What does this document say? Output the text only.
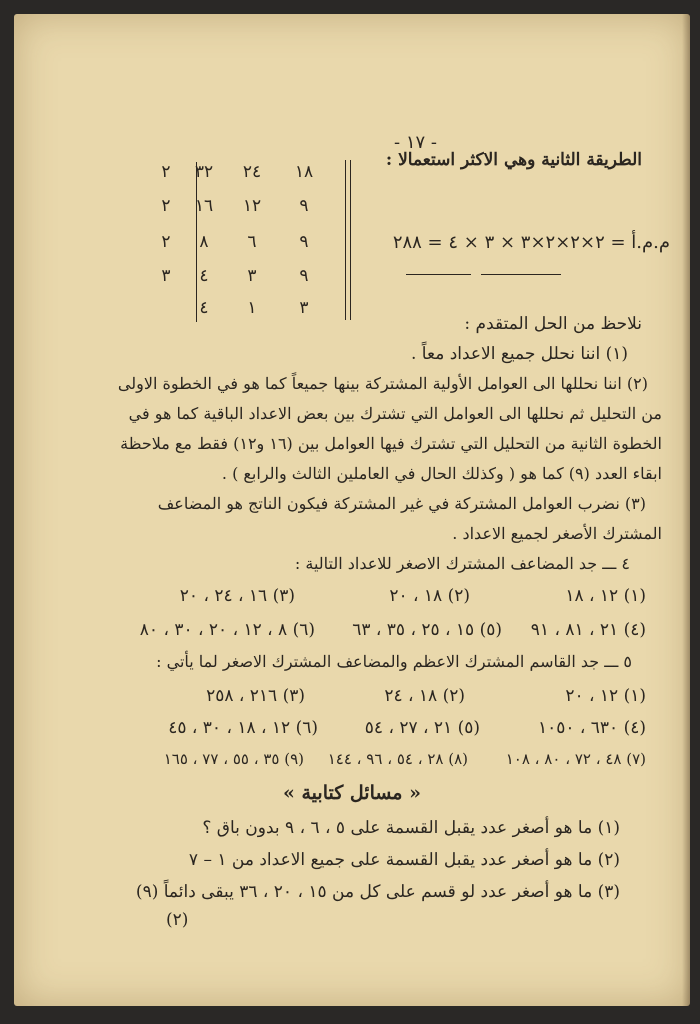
- ١٧ -
١٨
٢٤
٣٢
٢
٩
١٢
١٦
٢
٩
٦
٨
٢
٩
٣
٤
٣
٣
١
٤
الطريقة الثانية وهي الاكثر استعمالا :
م.م.أ = ٢×٢×٢×٣ × ٣ × ٤ = ٢٨٨
نلاحظ من الحل المتقدم :
(١) اننا نحلل جميع الاعداد معاً .
(٢) اننا نحللها الى العوامل الأولية المشتركة بينها جميعاً كما هو في الخطوة الاولى
من التحليل ثم نحللها الى العوامل التي تشترك بين بعض الاعداد الباقية كما هو في
الخطوة الثانية من التحليل التي تشترك فيها العوامل بين (١٦ و١٢) فقط مع ملاحظة
ابقاء العدد (٩) كما هو ( وكذلك الحال في العاملين الثالث والرابع ) .
(٣) نضرب العوامل المشتركة في غير المشتركة فيكون الناتج هو المضاعف
المشترك الأصغر لجميع الاعداد .
٤ ـــ جد المضاعف المشترك الاصغر للاعداد التالية :
(١) ١٢ ، ١٨
(٢) ١٨ ، ٢٠
(٣) ١٦ ، ٢٤ ، ٢٠
(٤) ٢١ ، ٨١ ، ٩١
(٥) ١٥ ، ٢٥ ، ٣٥ ، ٦٣
(٦) ٨ ، ١٢ ، ٢٠ ، ٣٠ ، ٨٠
٥ ـــ جد القاسم المشترك الاعظم والمضاعف المشترك الاصغر لما يأتي :
(١) ١٢ ، ٢٠
(٢) ١٨ ، ٢٤
(٣) ٢١٦ ، ٢٥٨
(٤) ٦٣٠ ، ١٠٥٠
(٥) ٢١ ، ٢٧ ، ٥٤
(٦) ١٢ ، ١٨ ، ٣٠ ، ٤٥
(٧) ٤٨ ، ٧٢ ، ٨٠ ، ١٠٨
(٨) ٢٨ ، ٥٤ ، ٩٦ ، ١٤٤
(٩) ٣٥ ، ٥٥ ، ٧٧ ، ١٦٥
« مسائل كتابية »
(١) ما هو أصغر عدد يقبل القسمة على ٥ ، ٦ ، ٩ بدون باق ؟
(٢) ما هو أصغر عدد يقبل القسمة على جميع الاعداد من ١ – ٧
(٣) ما هو أصغر عدد لو قسم على كل من ١٥ ، ٢٠ ، ٣٦ يبقى دائماً (٩)
(٢)
